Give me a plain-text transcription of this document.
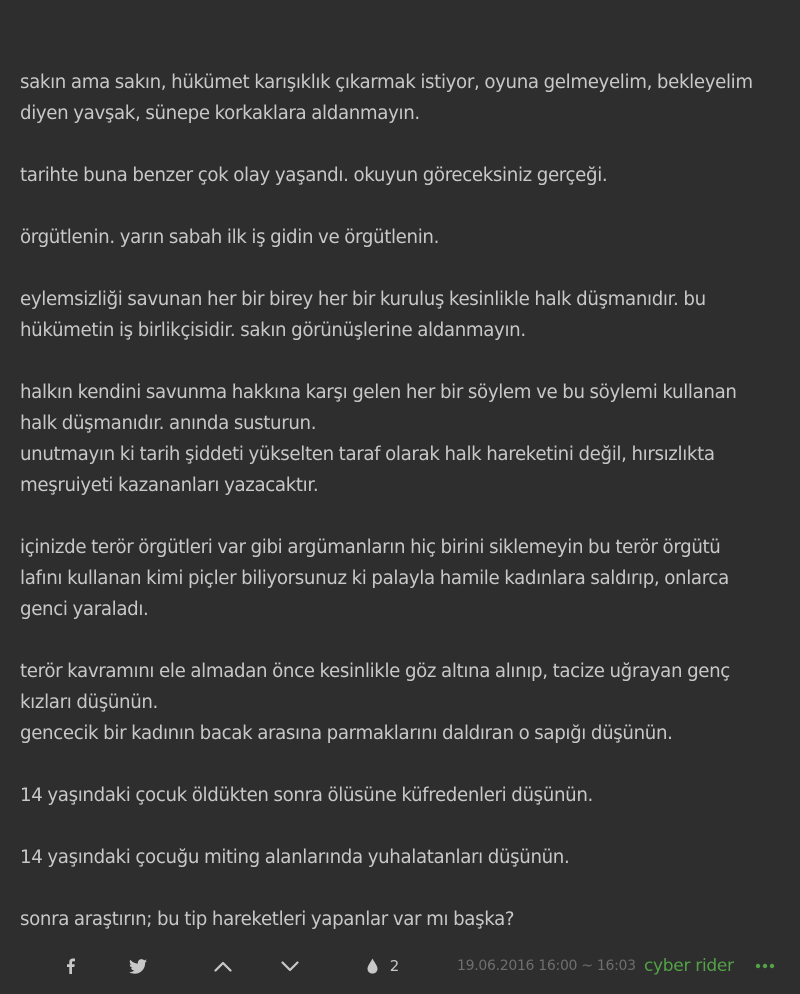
sakın ama sakın, hükümet karışıklık çıkarmak istiyor, oyuna gelmeyelim, bekleyelim
diyen yavşak, sünepe korkaklara aldanmayın.

tarihte buna benzer çok olay yaşandı. okuyun göreceksiniz gerçeği.

örgütlenin. yarın sabah ilk iş gidin ve örgütlenin.

eylemsizliği savunan her bir birey her bir kuruluş kesinlikle halk düşmanıdır. bu
hükümetin iş birlikçisidir. sakın görünüşlerine aldanmayın.

halkın kendini savunma hakkına karşı gelen her bir söylem ve bu söylemi kullanan
halk düşmanıdır. anında susturun.
unutmayın ki tarih şiddeti yükselten taraf olarak halk hareketini değil, hırsızlıkta
meşruiyeti kazananları yazacaktır.

içinizde terör örgütleri var gibi argümanların hiç birini siklemeyin bu terör örgütü
lafını kullanan kimi piçler biliyorsunuz ki palayla hamile kadınlara saldırıp, onlarca
genci yaraladı.

terör kavramını ele almadan önce kesinlikle göz altına alınıp, tacize uğrayan genç
kızları düşünün.
gencecik bir kadının bacak arasına parmaklarını daldıran o sapığı düşünün.

14 yaşındaki çocuk öldükten sonra ölüsüne küfredenleri düşünün.

14 yaşındaki çocuğu miting alanlarında yuhalatanları düşünün.

sonra araştırın; bu tip hareketleri yapanlar var mı başka?

2	19.06.2016 16:00 ~ 16:03 cyber rider
